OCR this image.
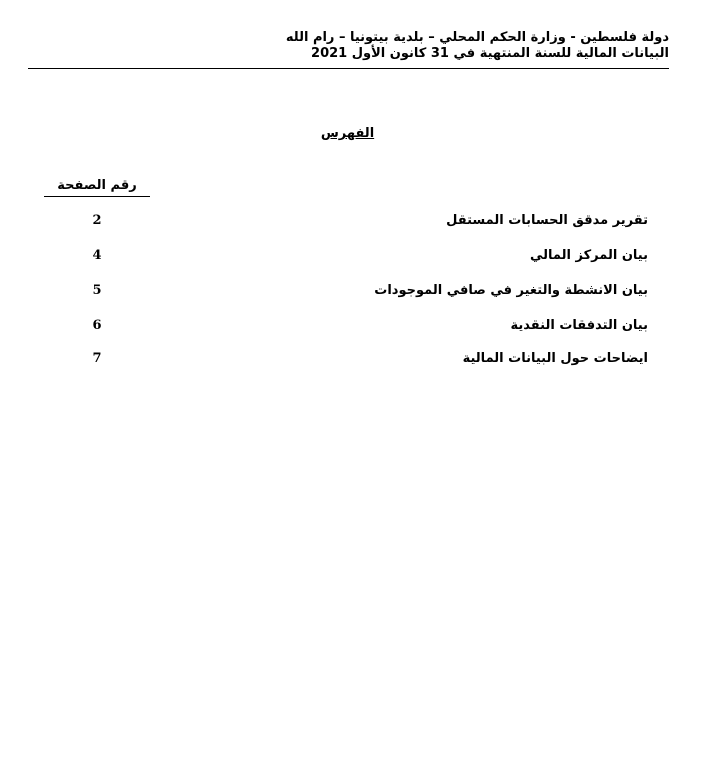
دولة فلسطين - وزارة الحكم المحلي – بلدية بيتونيا – رام الله
البيانات المالية للسنة المنتهية في 31 كانون الأول 2021
الفهرس
رقم الصفحة
تقرير مدقق الحسابات المستقل
2
بيان المركز المالي
4
بيان الانشطة والتغير في صافي الموجودات
5
بيان التدفقات النقدية
6
ايضاحات حول البيانات المالية
7
